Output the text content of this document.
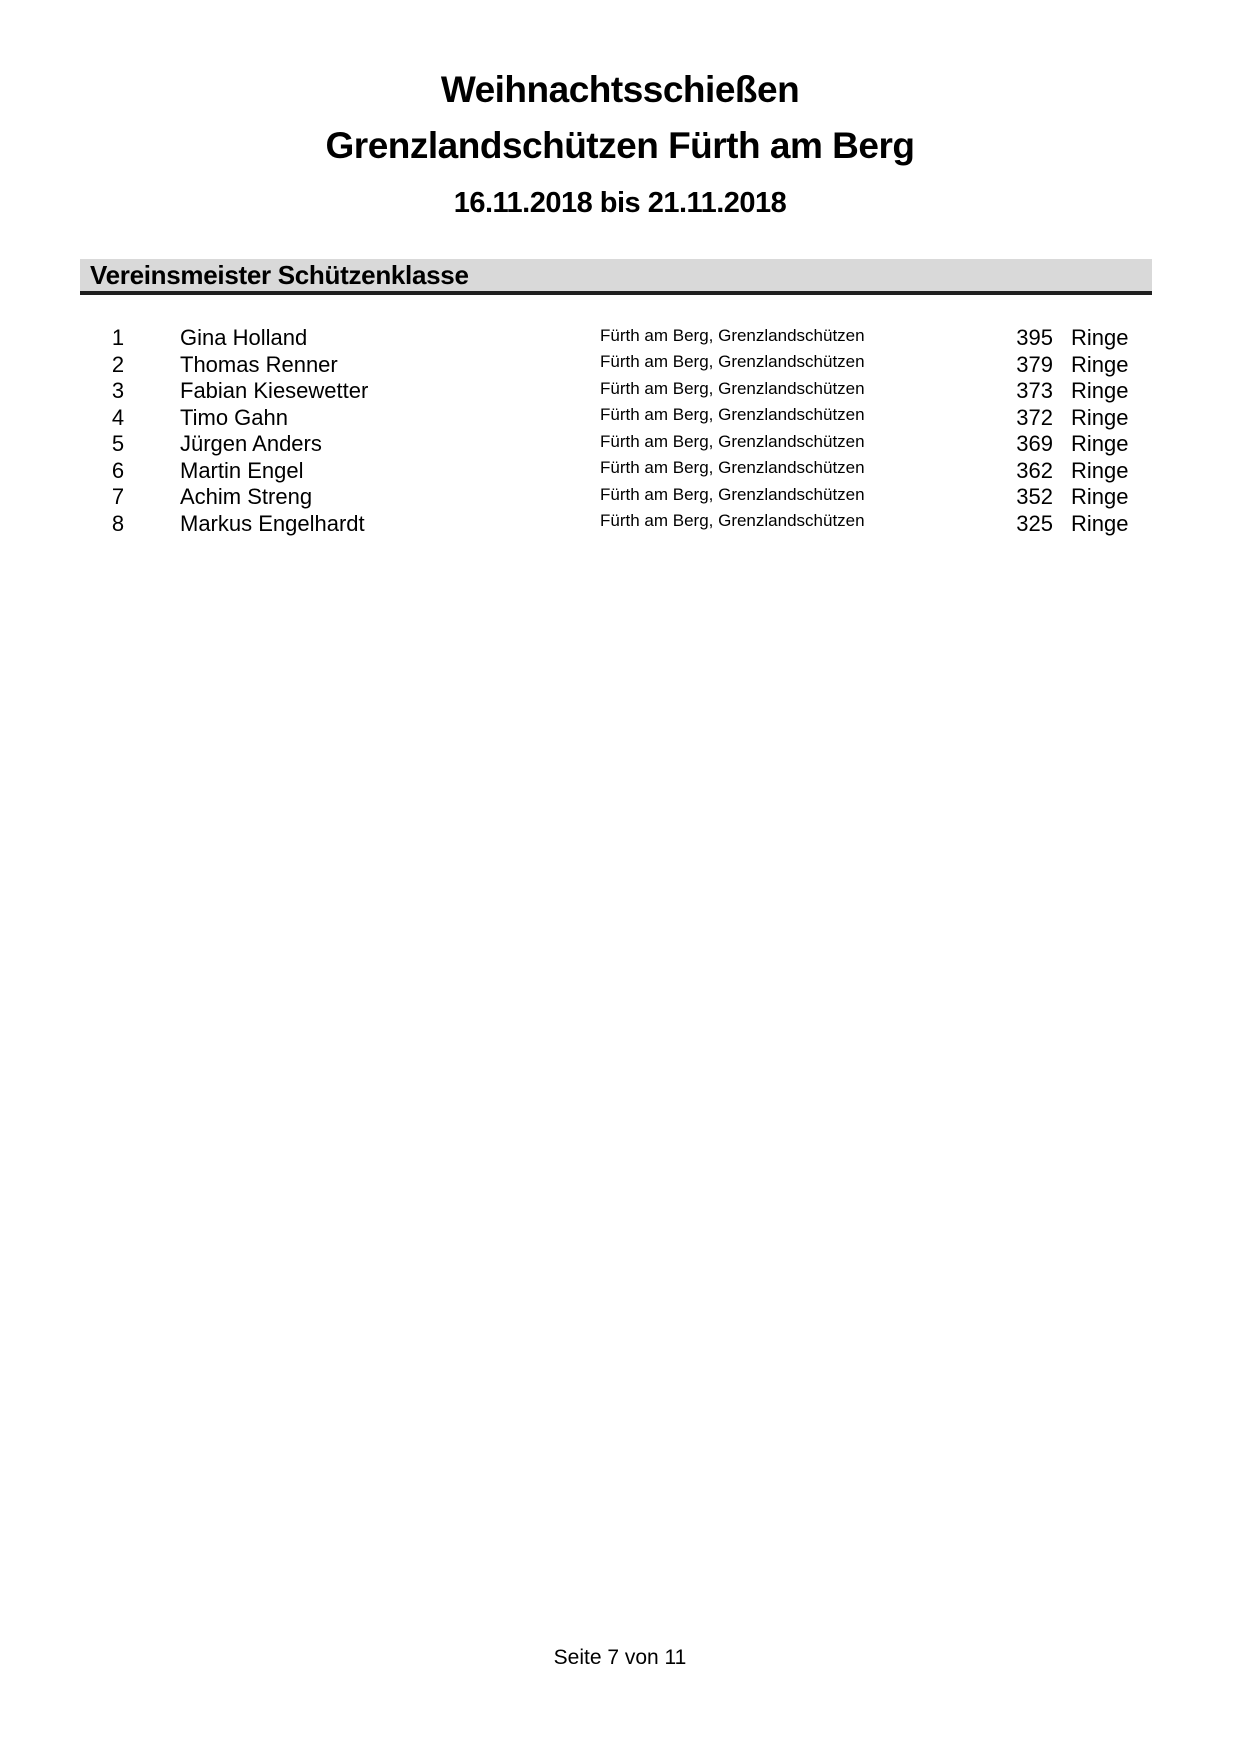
Weihnachtsschießen
Grenzlandschützen Fürth am Berg
16.11.2018 bis 21.11.2018
Vereinsmeister Schützenklasse
1	Gina Holland	Fürth am Berg, Grenzlandschützen	395 Ringe
2	Thomas Renner	Fürth am Berg, Grenzlandschützen	379 Ringe
3	Fabian Kiesewetter	Fürth am Berg, Grenzlandschützen	373 Ringe
4	Timo Gahn	Fürth am Berg, Grenzlandschützen	372 Ringe
5	Jürgen Anders	Fürth am Berg, Grenzlandschützen	369 Ringe
6	Martin Engel	Fürth am Berg, Grenzlandschützen	362 Ringe
7	Achim Streng	Fürth am Berg, Grenzlandschützen	352 Ringe
8	Markus Engelhardt	Fürth am Berg, Grenzlandschützen	325 Ringe
Seite 7 von 11
